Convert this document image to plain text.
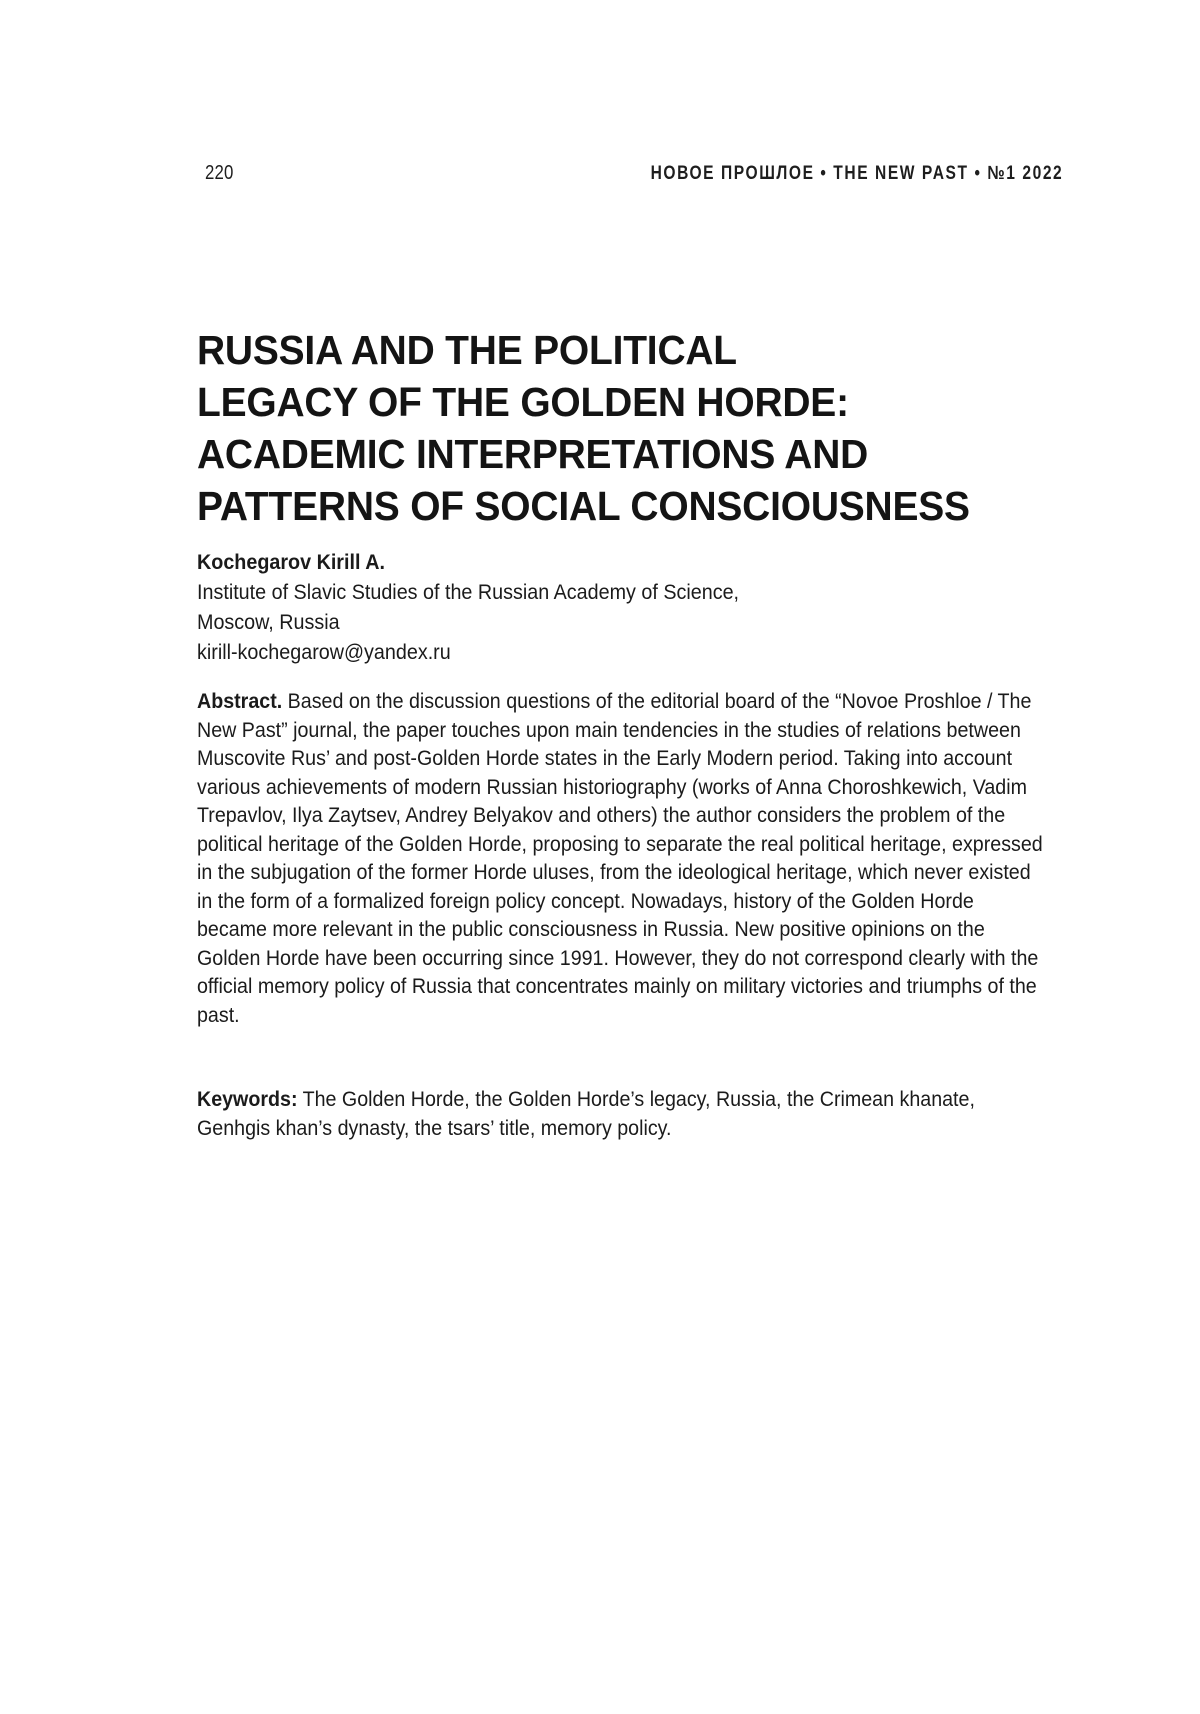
220	НОВОЕ ПРОШЛОЕ • THE NEW PAST • №1 2022
RUSSIA AND THE POLITICAL
LEGACY OF THE GOLDEN HORDE:
ACADEMIC INTERPRETATIONS AND
PATTERNS OF SOCIAL CONSCIOUSNESS
Kochegarov Kirill A.
Institute of Slavic Studies of the Russian Academy of Science,
Moscow, Russia
kirill-kochegarow@yandex.ru

Abstract. Based on the discussion questions of the editorial board of the “Novoe Proshloe / The New Past” journal, the paper touches upon main tendencies in the studies of relations between Muscovite Rus’ and post-Golden Horde states in the Early Modern period. Taking into account various achievements of modern Russian historiography (works of Anna Choroshkewich, Vadim Trepavlov, Ilya Zaytsev, Andrey Belyakov and others) the author considers the problem of the political heritage of the Golden Horde, proposing to separate the real political heritage, expressed in the subjugation of the former Horde uluses, from the ideological heritage, which never existed in the form of a formalized foreign policy concept. Nowadays, history of the Golden Horde became more relevant in the public consciousness in Russia. New positive opinions on the Golden Horde have been occurring since 1991. However, they do not correspond clearly with the official memory policy of Russia that concentrates mainly on military victories and triumphs of the past.

Keywords: The Golden Horde, the Golden Horde’s legacy, Russia, the Crimean khanate, Genhgis khan’s dynasty, the tsars’ title, memory policy.
